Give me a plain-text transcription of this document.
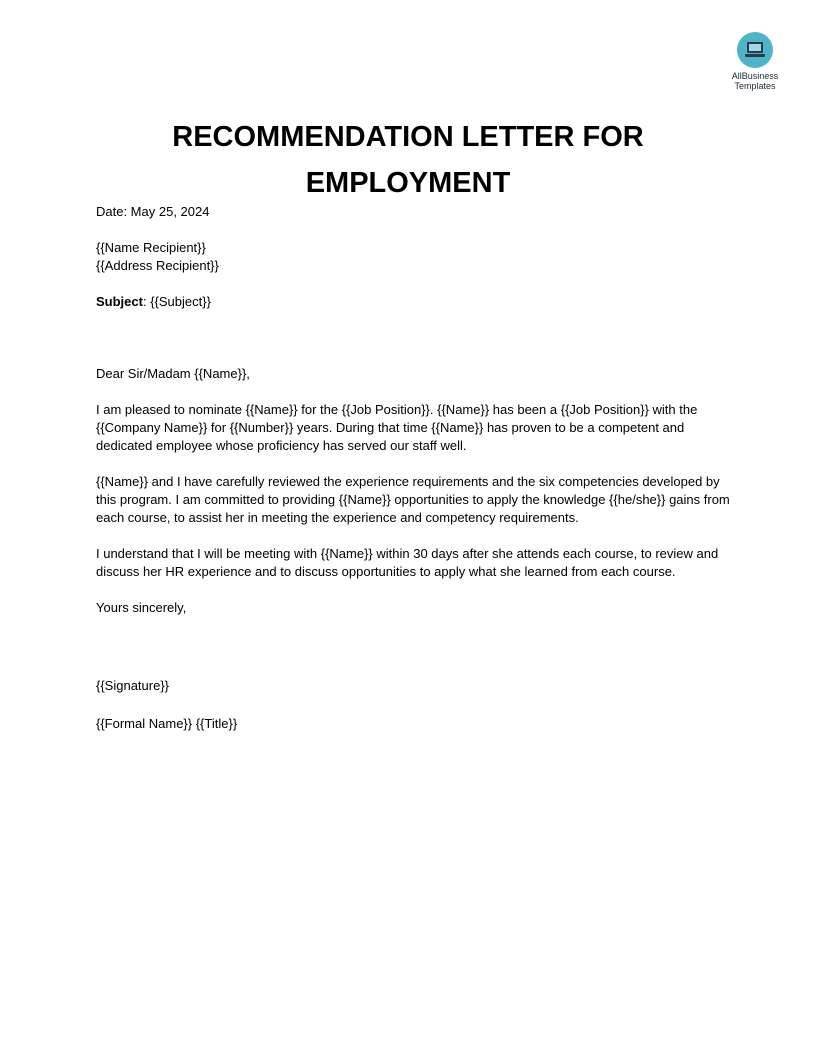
AllBusiness
Templates
RECOMMENDATION LETTER FOR
EMPLOYMENT

Date: May 25, 2024

{{Name Recipient}}

{{Address Recipient}}

Subject: {{Subject}}

Dear Sir/Madam {{Name}},

I am pleased to nominate {{Name}} for the {{Job Position}}. {{Name}} has been a {{Job Position}} with the {{Company Name}} for {{Number}} years. During that time {{Name}} has proven to be a competent and dedicated employee whose proficiency has served our staff well.

{{Name}} and I have carefully reviewed the experience requirements and the six competencies developed by this program. I am committed to providing {{Name}} opportunities to apply the knowledge {{he/she}} gains from each course, to assist her in meeting the experience and competency requirements.

I understand that I will be meeting with {{Name}} within 30 days after she attends each course, to review and discuss her HR experience and to discuss opportunities to apply what she learned from each course.

Yours sincerely,

{{Signature}}

{{Formal Name}} {{Title}}
